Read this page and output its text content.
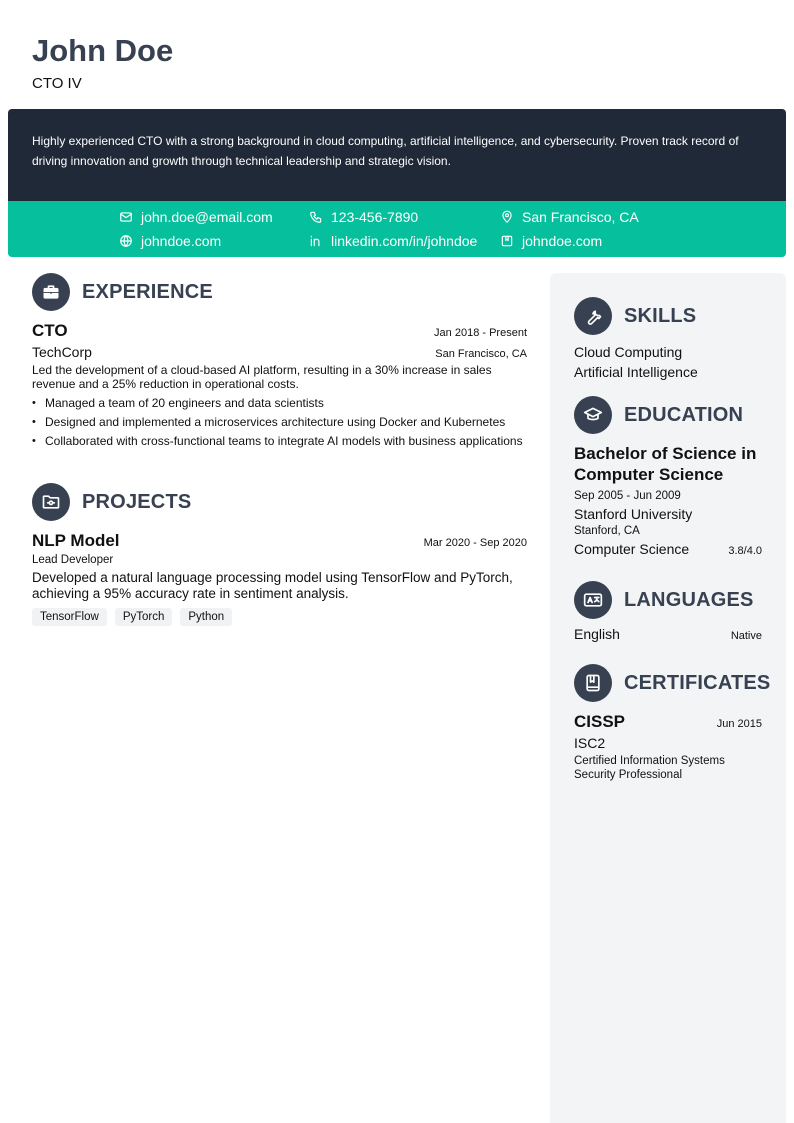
John Doe
CTO IV
Highly experienced CTO with a strong background in cloud computing, artificial intelligence, and cybersecurity. Proven track record of driving innovation and growth through technical leadership and strategic vision.
john.doe@email.com	123-456-7890	San Francisco, CA
johndoe.com	linkedin.com/in/johndoe	johndoe.com
EXPERIENCE
CTO	Jan 2018 - Present
TechCorp	San Francisco, CA
Led the development of a cloud-based AI platform, resulting in a 30% increase in sales revenue and a 25% reduction in operational costs.
• Managed a team of 20 engineers and data scientists
• Designed and implemented a microservices architecture using Docker and Kubernetes
• Collaborated with cross-functional teams to integrate AI models with business applications
PROJECTS
NLP Model	Mar 2020 - Sep 2020
Lead Developer
Developed a natural language processing model using TensorFlow and PyTorch, achieving a 95% accuracy rate in sentiment analysis.
TensorFlow	PyTorch	Python
SKILLS
Cloud Computing
Artificial Intelligence
EDUCATION
Bachelor of Science in Computer Science
Sep 2005 - Jun 2009
Stanford University
Stanford, CA
Computer Science	3.8/4.0
LANGUAGES
English	Native
CERTIFICATES
CISSP	Jun 2015
ISC2
Certified Information Systems Security Professional
